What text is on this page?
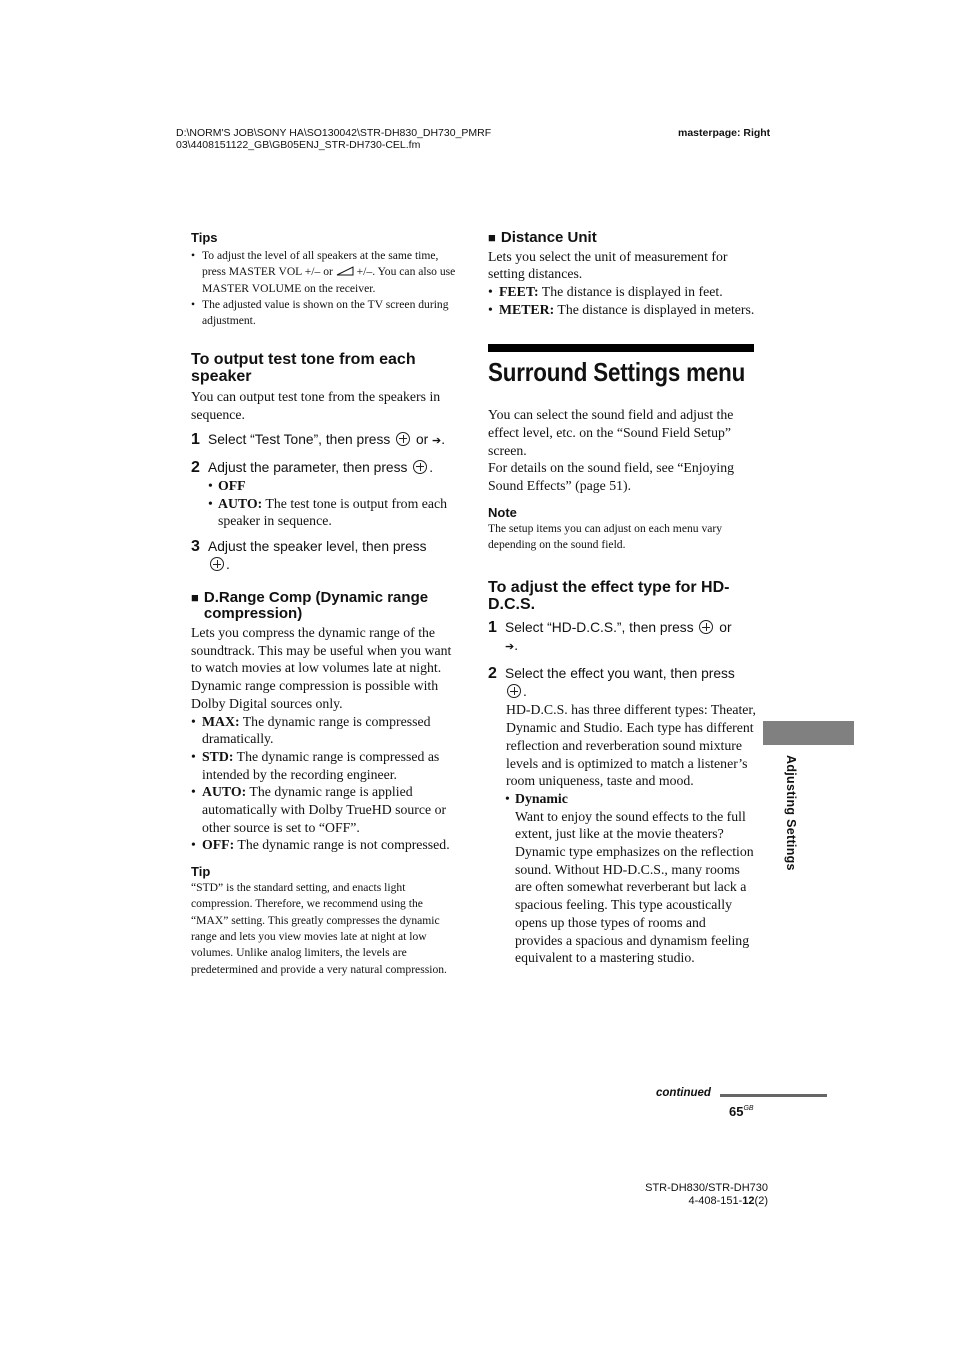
D:\NORM'S JOB\SONY HA\SO130042\STR-DH830_DH730_PMRF
03\4408151122_GB\GB05ENJ_STR-DH730-CEL.fm
masterpage: Right
Tips
• To adjust the level of all speakers at the same time, press MASTER VOL +/– or  +/–. You can also use MASTER VOLUME on the receiver.
• The adjusted value is shown on the TV screen during adjustment.
To output test tone from each speaker
You can output test tone from the speakers in sequence.
1 Select “Test Tone”, then press  or ➔.
2 Adjust the parameter, then press .
• OFF
• AUTO: The test tone is output from each speaker in sequence.
3 Adjust the speaker level, then press
.
■ D.Range Comp (Dynamic range compression)
Lets you compress the dynamic range of the soundtrack. This may be useful when you want to watch movies at low volumes late at night. Dynamic range compression is possible with Dolby Digital sources only.
• MAX: The dynamic range is compressed dramatically.
• STD: The dynamic range is compressed as intended by the recording engineer.
• AUTO: The dynamic range is applied automatically with Dolby TrueHD source or other source is set to “OFF”.
• OFF: The dynamic range is not compressed.
Tip
“STD” is the standard setting, and enacts light compression. Therefore, we recommend using the “MAX” setting. This greatly compresses the dynamic range and lets you view movies late at night at low volumes. Unlike analog limiters, the levels are predetermined and provide a very natural compression.
■ Distance Unit
Lets you select the unit of measurement for setting distances.
• FEET: The distance is displayed in feet.
• METER: The distance is displayed in meters.
Surround Settings menu
You can select the sound field and adjust the effect level, etc. on the “Sound Field Setup” screen.
For details on the sound field, see “Enjoying Sound Effects” (page 51).
Note
The setup items you can adjust on each menu vary depending on the sound field.
To adjust the effect type for HD-D.C.S.
1 Select “HD-D.C.S.”, then press  or
➔.
2 Select the effect you want, then press
.
HD-D.C.S. has three different types: Theater, Dynamic and Studio. Each type has different reflection and reverberation sound mixture levels and is optimized to match a listener’s room uniqueness, taste and mood.
• Dynamic
Want to enjoy the sound effects to the full extent, just like at the movie theaters? Dynamic type emphasizes on the reflection sound. Without HD-D.C.S., many rooms are often somewhat reverberant but lack a spacious feeling. This type acoustically opens up those types of rooms and provides a spacious and dynamism feeling equivalent to a mastering studio.
Adjusting Settings
continued
$65^{GB}$
STR-DH830/STR-DH730
4-408-151-12(2)
